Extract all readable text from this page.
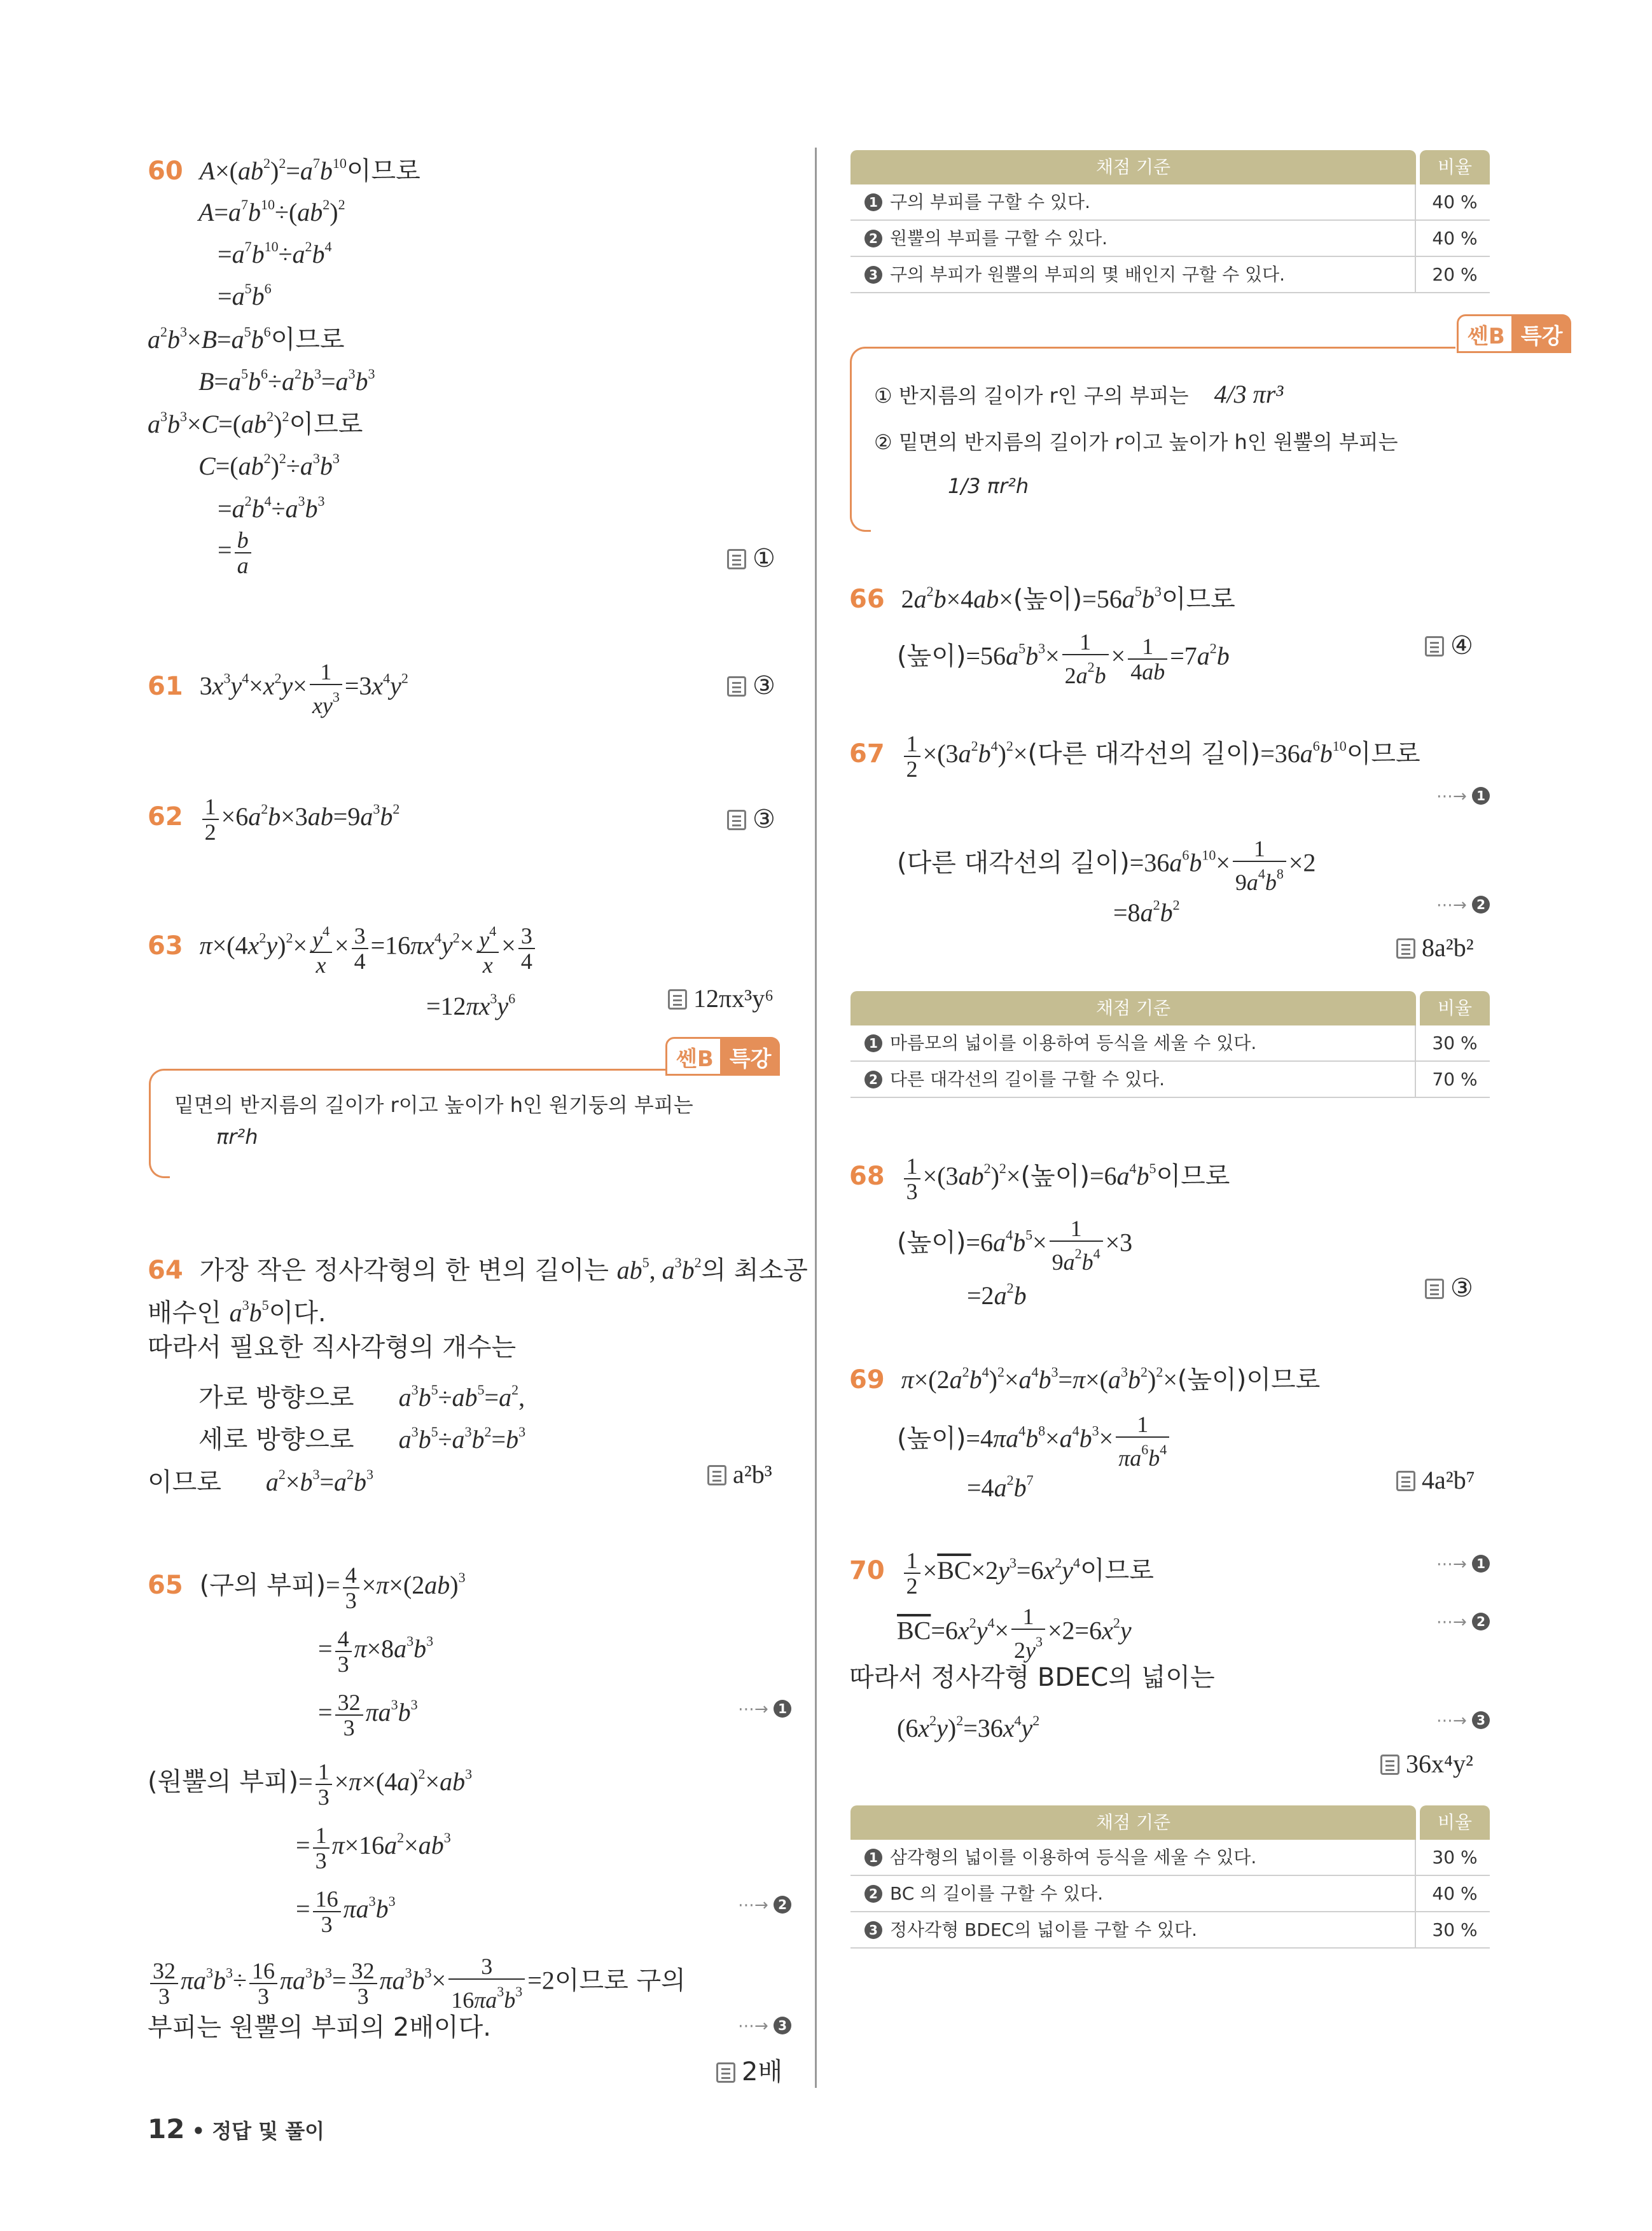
60 $A\times(ab^2)^2=a^7b^{10}$이므로
$A=a^7b^{10}\div(ab^2)^2$
$=a^7b^{10}\div a^2b^4$
$=a^5b^6$
$a^2b^3\times B=a^5b^6$이므로
$B=a^5b^6\div a^2b^3=a^3b^3$
$a^3b^3\times C=(ab^2)^2$이므로
$C=(ab^2)^2\div a^3b^3$
$=a^2b^4\div a^3b^3$
= $\frac{b}{a}$	①
61 $3x^3y^4\times x^2y\times \frac{1}{xy^3} =3x^4y^2$	③
$62 \frac{1}{2} \times 6a^2b\times 3ab=9a^3b^2$	③
63 $\pi\times(4x^2y)^2\times \frac{y^4}{x} \times \frac{3}{4} =16\pi x^4y^2\times \frac{y^4}{x} \times \frac{3}{4}$
$=12\pi x^3y^6$	12πx³y⁶
쎈B 특강
밑면의 반지름의 길이가 r이고 높이가 h인 원기둥의 부피는
πr²h
64 가장 작은 정사각형의 한 변의 길이는 $ab^5$, $a^3b^2$의 최소공
배수인 $a^3b^5$이다.
따라서 필요한 직사각형의 개수는
가로 방향으로 $a^3b^5\div ab^5=a^2$,
세로 방향으로 $a^3b^5\div a^3b^2=b^3$
이므로 $a^2\times b^3=a^2b^3$	a²b³
65 (구의 부피)= $\frac{4}{3} \times\pi\times(2ab)^3$
= $\frac{4}{3} \pi\times 8a^3b^3$
= $\frac{32}{3} \pi a^3b^3$	⋯→ 1
(원뿔의 부피)= $\frac{1}{3} \times\pi\times(4a)^2\times ab^3$
= $\frac{1}{3} \pi\times 16a^2\times ab^3$
= $\frac{16}{3} \pi a^3b^3$	⋯→ 2
$\frac{32}{3} \pi a^3b^3\div \frac{16}{3} \pi a^3b^3= \frac{32}{3} \pi a^3b^3\times \frac{3}{16\pi a^3b^3} =2$이므로 구의
부피는 원뿔의 부피의 2배이다.	⋯→ 3
2배
채점 기준	비율
1 구의 부피를 구할 수 있다.	40 %
2 원뿔의 부피를 구할 수 있다.	40 %
3 구의 부피가 원뿔의 부피의 몇 배인지 구할 수 있다.	20 %
쎈B 특강
① 반지름의 길이가 r인 구의 부피는 4/3 πr³
② 밑면의 반지름의 길이가 r이고 높이가 h인 원뿔의 부피는
1/3 πr²h
66 $2a^2b\times 4ab\times$(높이)$=56a^5b^3$이므로
(높이)$=56a^5b^3\times \frac{1}{2a^2b} \times \frac{1}{4ab} =7a^2b$	④
$67 \frac{1}{2} \times(3a^2b^4)^2\times$(다른 대각선의 길이)$=36a^6b^{10}$이므로
⋯→ 1
(다른 대각선의 길이)$=36a^6b^{10}\times \frac{1}{9a^4b^8} \times 2$
$=8a^2b^2$	⋯→ 2
8a²b²
채점 기준	비율
1 마름모의 넓이를 이용하여 등식을 세울 수 있다.	30 %
2 다른 대각선의 길이를 구할 수 있다.	70 %
$68 \frac{1}{3} \times(3ab^2)^2\times$(높이)$=6a^4b^5$이므로
(높이)$=6a^4b^5\times \frac{1}{9a^2b^4} \times 3$
$=2a^2b$	③
69 $\pi\times(2a^2b^4)^2\times a^4b^3=\pi\times(a^3b^2)^2\times$(높이)이므로
(높이)$=4\pi a^4b^8\times a^4b^3\times \frac{1}{\pi a^6b^4}$
$=4a^2b^7$	4a²b⁷
$70 \frac{1}{2} \times\overline{BC}\times 2y^3=6x^2y^4$이므로	⋯→ 1
$\overline{BC}=6x^2y^4\times \frac{1}{2y^3} \times 2=6x^2y$	⋯→ 2
따라서 정사각형 BDEC의 넓이는
$(6x^2y)^2=36x^4y^2$	⋯→ 3
36x⁴y²
채점 기준	비율
1 삼각형의 넓이를 이용하여 등식을 세울 수 있다.	30 %
2 BC 의 길이를 구할 수 있다.	40 %
3 정사각형 BDEC의 넓이를 구할 수 있다.	30 %
12 • 정답 및 풀이
